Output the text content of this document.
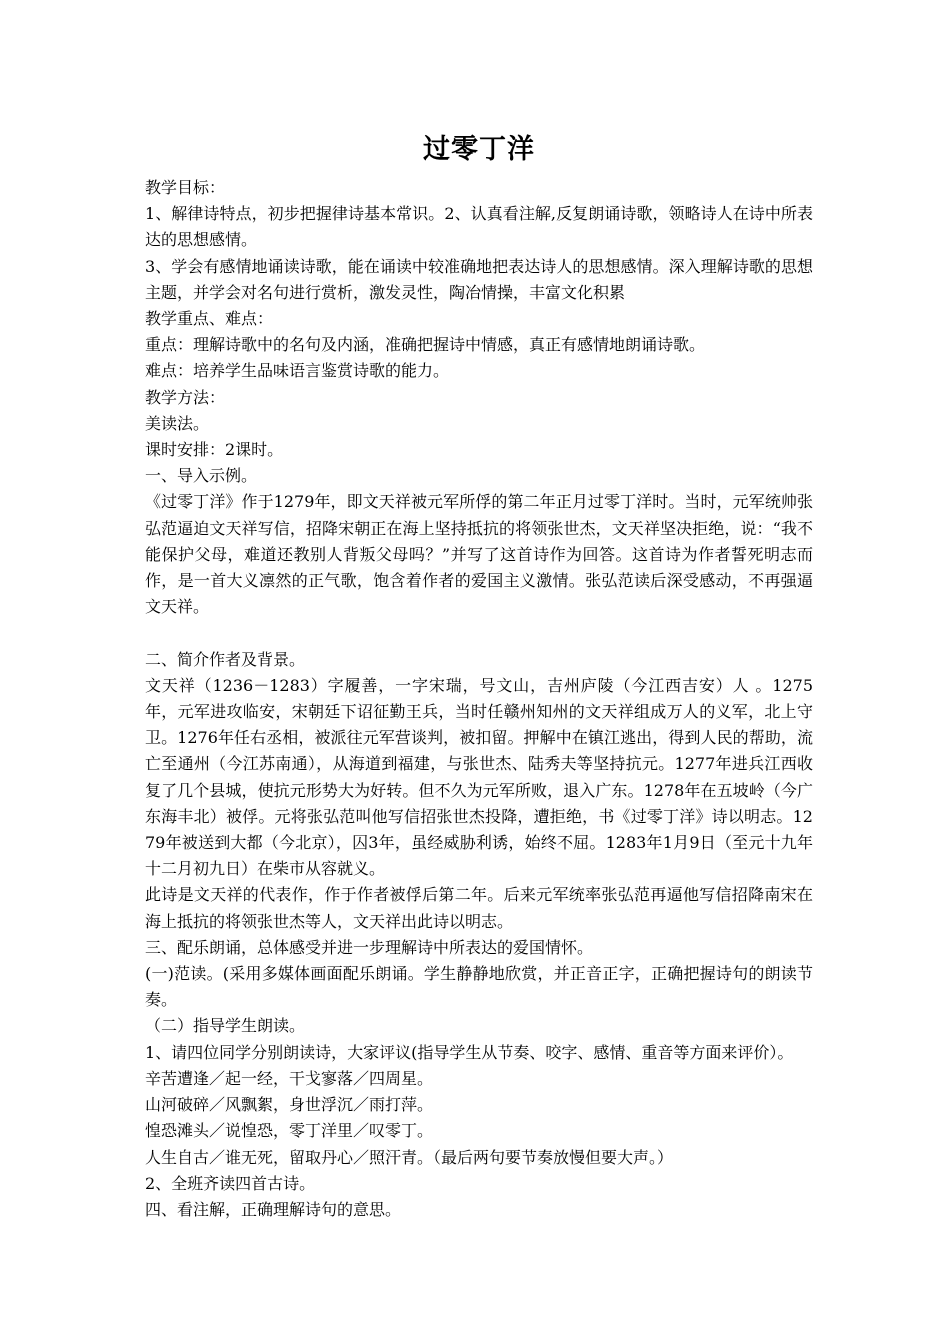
过零丁洋

教学目标：

1、解律诗特点，初步把握律诗基本常识。2、认真看注解,反复朗诵诗歌，领略诗人在诗中所表达的思想感情。

3、学会有感情地诵读诗歌，能在诵读中较准确地把表达诗人的思想感情。深入理解诗歌的思想主题，并学会对名句进行赏析，激发灵性，陶冶情操，丰富文化积累

教学重点、难点：

重点：理解诗歌中的名句及内涵，准确把握诗中情感，真正有感情地朗诵诗歌。

难点：培养学生品味语言鉴赏诗歌的能力。

教学方法：

美读法。

课时安排：2课时。

一、导入示例。

《过零丁洋》作于1279年，即文天祥被元军所俘的第二年正月过零丁洋时。当时，元军统帅张弘范逼迫文天祥写信，招降宋朝正在海上坚持抵抗的将领张世杰，文天祥坚决拒绝，说：“我不能保护父母，难道还教别人背叛父母吗？”并写了这首诗作为回答。这首诗为作者誓死明志而作，是一首大义凛然的正气歌，饱含着作者的爱国主义激情。张弘范读后深受感动，不再强逼文天祥。

二、简介作者及背景。

文天祥（1236－1283）字履善，一字宋瑞，号文山，吉州庐陵（今江西吉安）人 。1275年，元军进攻临安，宋朝廷下诏征勤王兵，当时任赣州知州的文天祥组成万人的义军，北上守卫。1276年任右丞相，被派往元军营谈判，被扣留。押解中在镇江逃出，得到人民的帮助，流亡至通州（今江苏南通），从海道到福建，与张世杰、陆秀夫等坚持抗元。1277年进兵江西收复了几个县城，使抗元形势大为好转。但不久为元军所败，退入广东。1278年在五坡岭（今广东海丰北）被俘。元将张弘范叫他写信招张世杰投降，遭拒绝，书《过零丁洋》诗以明志。1279年被送到大都（今北京），囚3年，虽经威胁利诱，始终不屈。1283年1月9日（至元十九年十二月初九日）在柴市从容就义。

此诗是文天祥的代表作，作于作者被俘后第二年。后来元军统率张弘范再逼他写信招降南宋在海上抵抗的将领张世杰等人，文天祥出此诗以明志。

三、配乐朗诵，总体感受并进一步理解诗中所表达的爱国情怀。

(一)范读。(采用多媒体画面配乐朗诵。学生静静地欣赏，并正音正字，正确把握诗句的朗读节奏。

（二）指导学生朗读。

1、请四位同学分别朗读诗，大家评议(指导学生从节奏、咬字、感情、重音等方面来评价）。

辛苦遭逢／起一经，干戈寥落／四周星。

山河破碎／风飘絮，身世浮沉／雨打萍。

惶恐滩头／说惶恐，零丁洋里／叹零丁。

人生自古／谁无死，留取丹心／照汗青。（最后两句要节奏放慢但要大声。）

2、全班齐读四首古诗。

四、看注解，正确理解诗句的意思。
